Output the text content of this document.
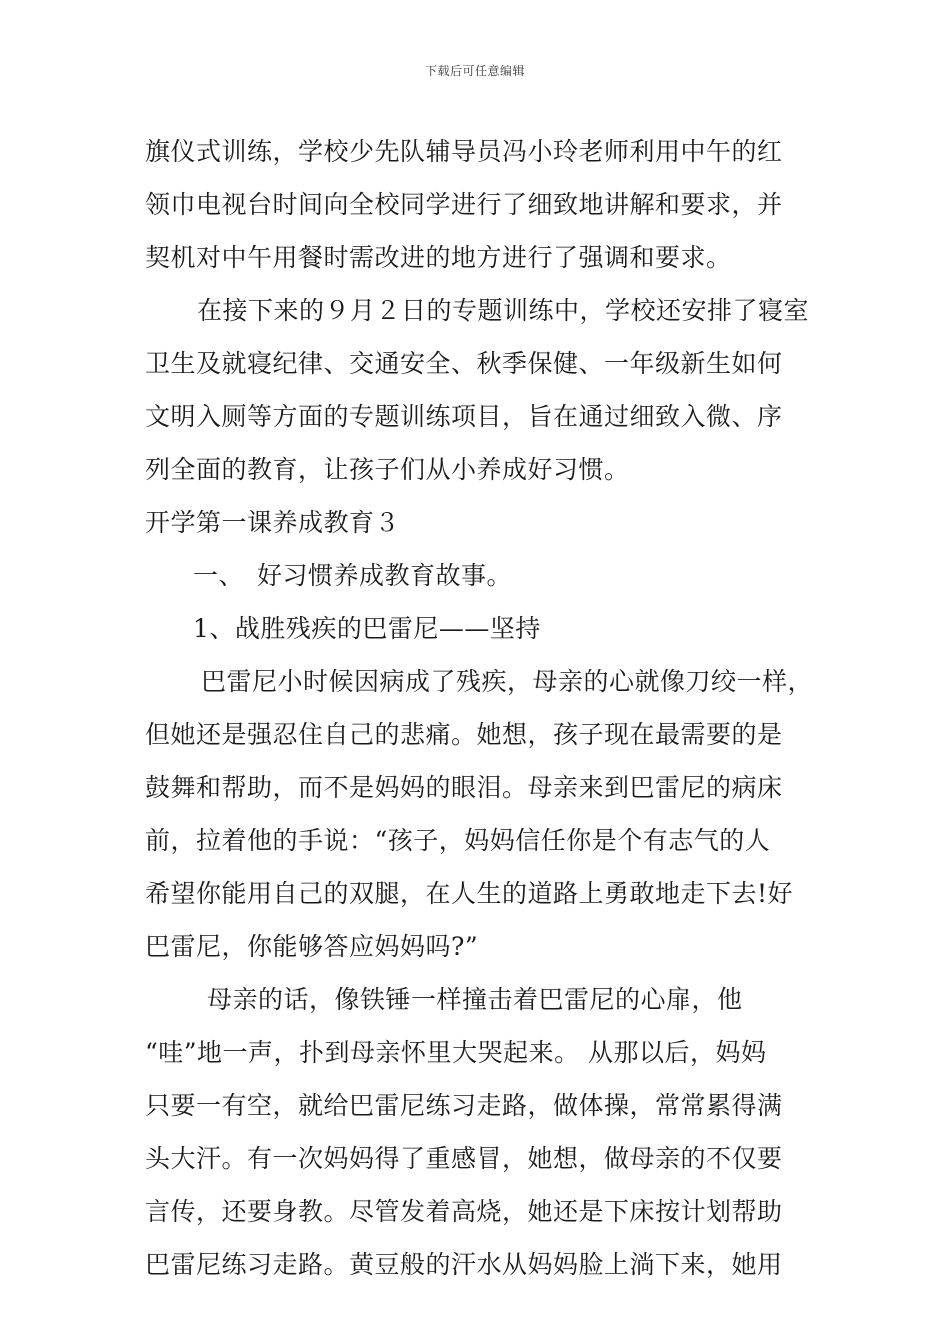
下载后可任意编辑
旗仪式训练，学校少先队辅导员冯小玲老师利用中午的红
领巾电视台时间向全校同学进行了细致地讲解和要求，并
契机对中午用餐时需改进的地方进行了强调和要求。
在接下来的９月２日的专题训练中，学校还安排了寝室
卫生及就寝纪律、交通安全、秋季保健、一年级新生如何
文明入厕等方面的专题训练项目，旨在通过细致入微、序
列全面的教育，让孩子们从小养成好习惯。
开学第一课养成教育３
一、　好习惯养成教育故事。
1、战胜残疾的巴雷尼——坚持
巴雷尼小时候因病成了残疾，母亲的心就像刀绞一样，
但她还是强忍住自己的悲痛。她想，孩子现在最需要的是
鼓舞和帮助，而不是妈妈的眼泪。母亲来到巴雷尼的病床
前，拉着他的手说：“孩子，妈妈信任你是个有志气的人
希望你能用自己的双腿，在人生的道路上勇敢地走下去!好
巴雷尼，你能够答应妈妈吗?”
母亲的话，像铁锤一样撞击着巴雷尼的心扉，他
“哇”地一声，扑到母亲怀里大哭起来。 从那以后，妈妈
只要一有空，就给巴雷尼练习走路，做体操，常常累得满
头大汗。有一次妈妈得了重感冒，她想，做母亲的不仅要
言传，还要身教。尽管发着高烧，她还是下床按计划帮助
巴雷尼练习走路。黄豆般的汗水从妈妈脸上淌下来，她用
